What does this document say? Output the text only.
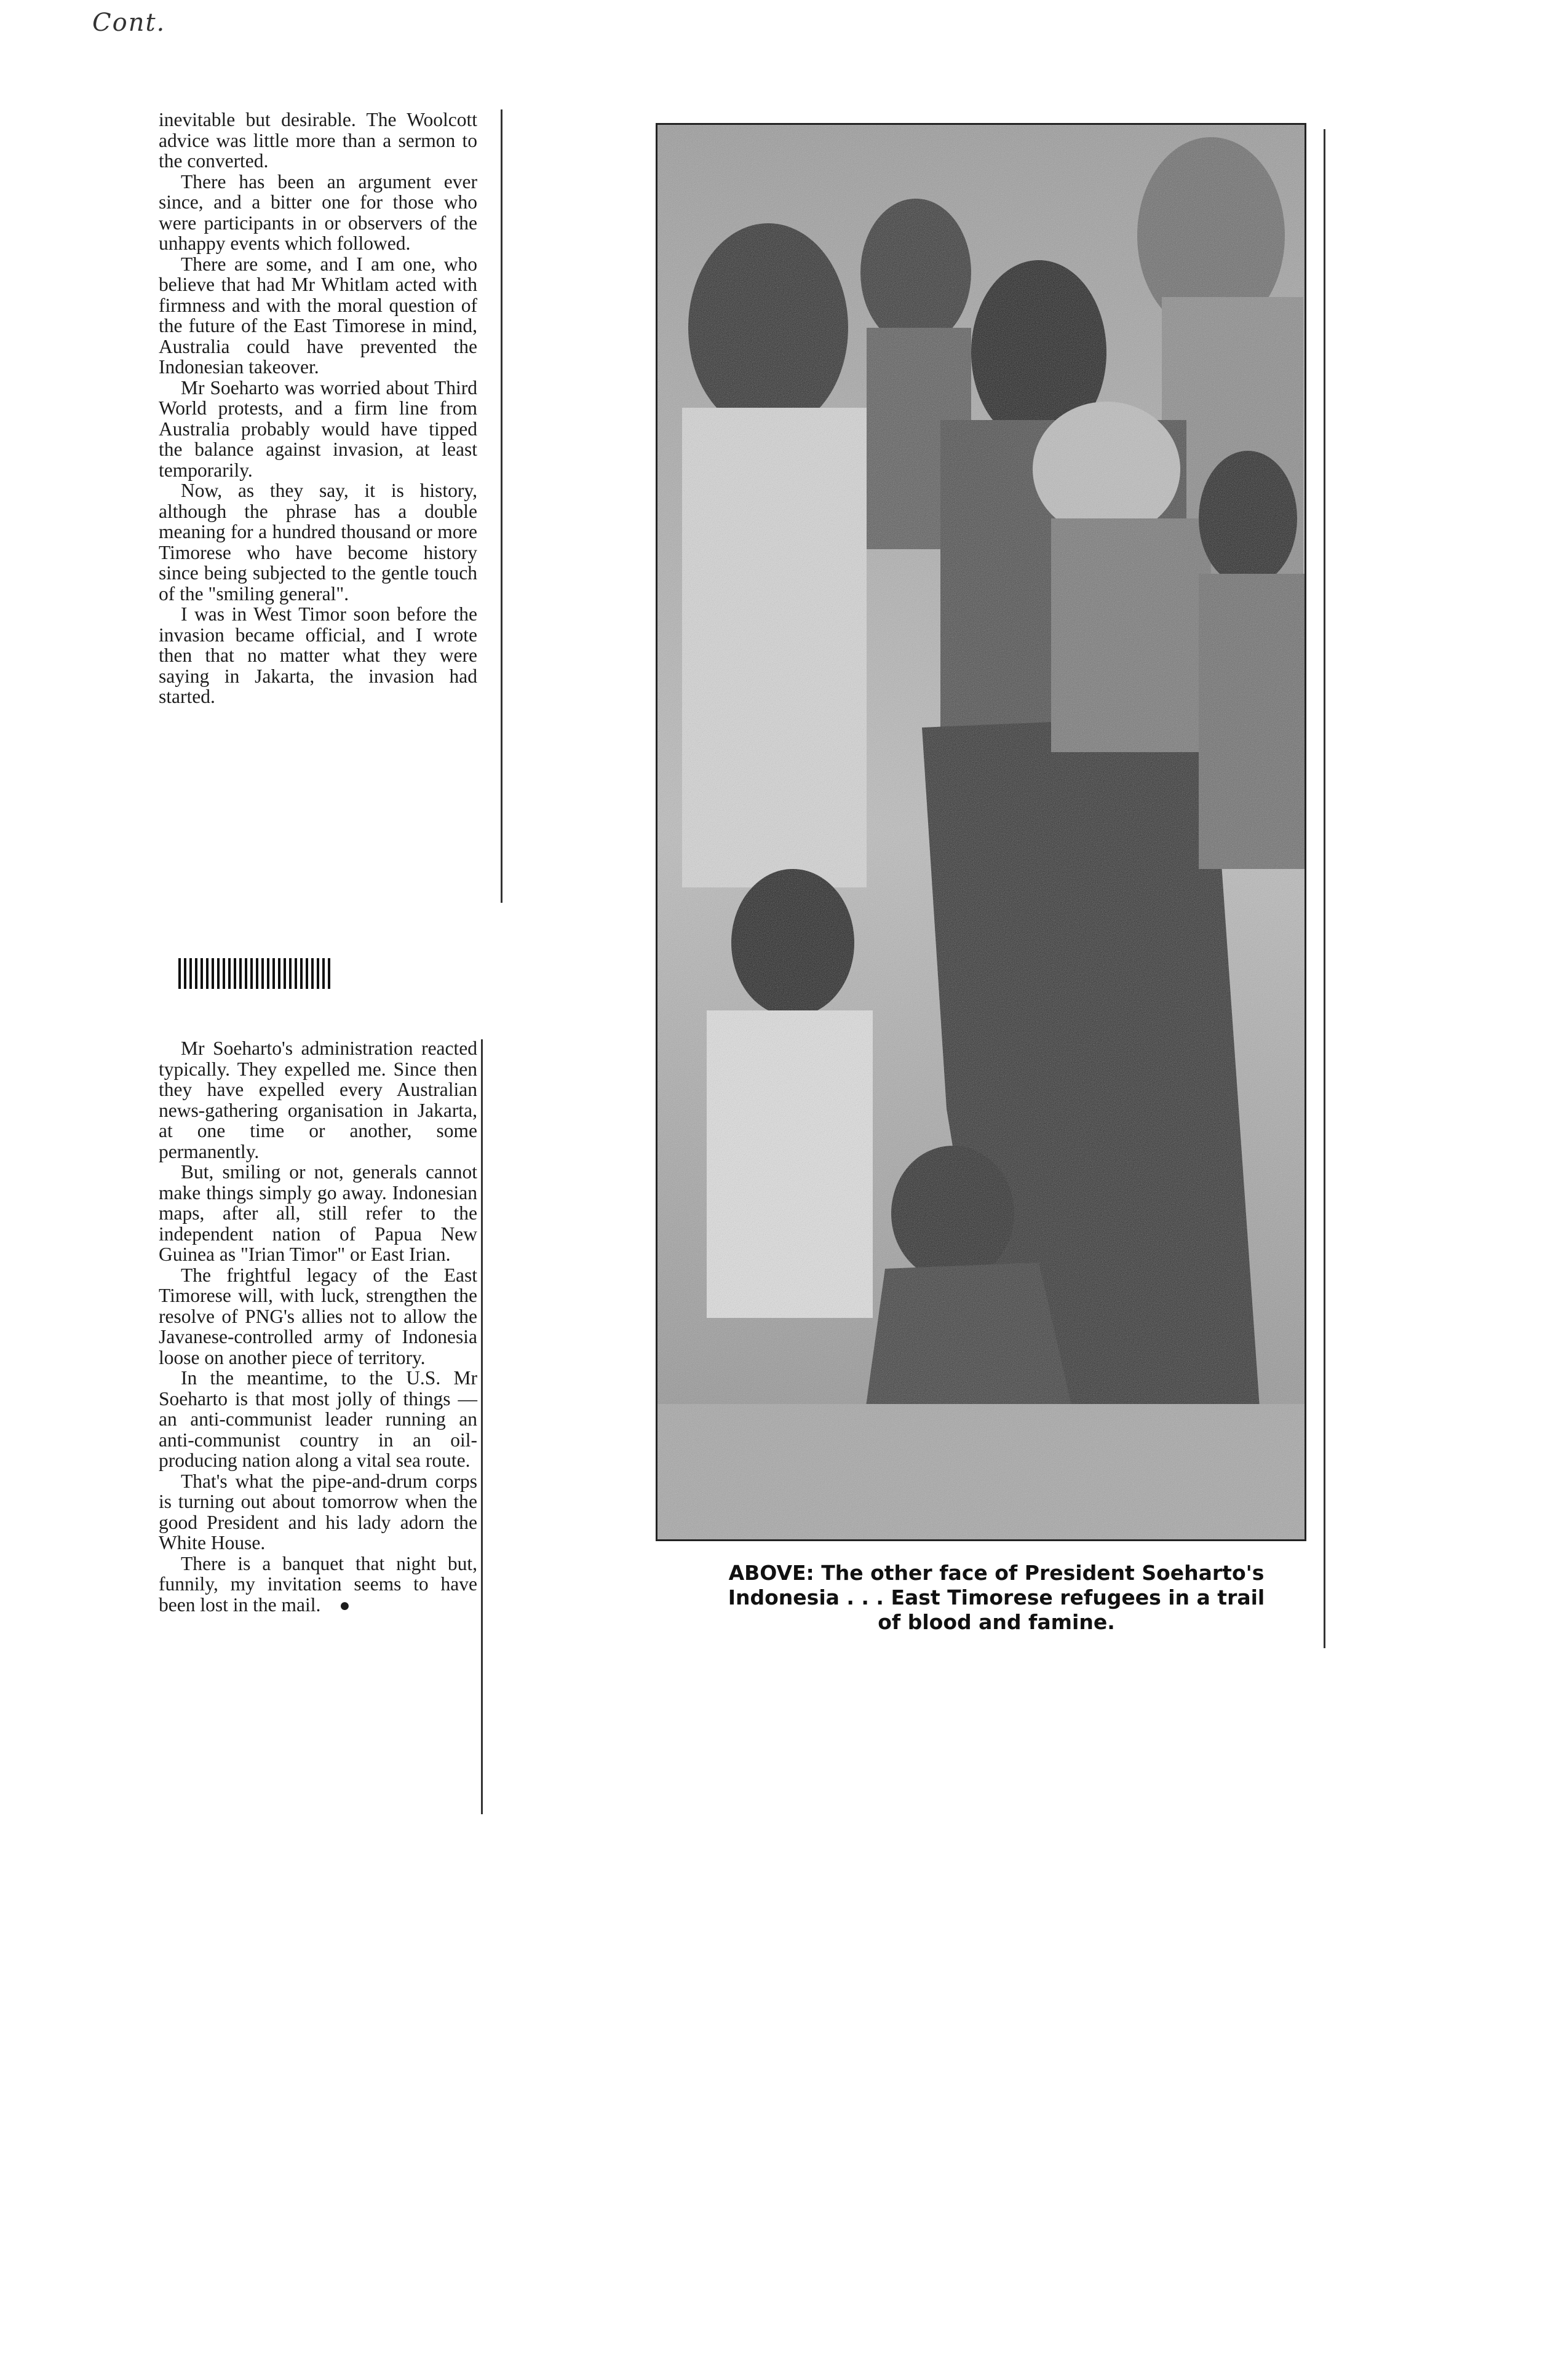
Cont.

inevitable but desirable. The Woolcott advice was little more than a sermon to the converted.

There has been an argument ever since, and a bitter one for those who were participants in or observers of the unhappy events which followed.

There are some, and I am one, who believe that had Mr Whitlam acted with firmness and with the moral question of the future of the East Timorese in mind, Australia could have prevented the Indonesian takeover.

Mr Soeharto was worried about Third World protests, and a firm line from Australia probably would have tipped the balance against invasion, at least temporarily.

Now, as they say, it is history, although the phrase has a double meaning for a hundred thousand or more Timorese who have become history since being subjected to the gentle touch of the "smiling general".

I was in West Timor soon before the invasion became official, and I wrote then that no matter what they were saying in Jakarta, the invasion had started.

Mr Soeharto's administration reacted typically. They expelled me. Since then they have expelled every Australian news-gathering organisation in Jakarta, at one time or another, some permanently.

But, smiling or not, generals cannot make things simply go away. Indonesian maps, after all, still refer to the independent nation of Papua New Guinea as "Irian Timor" or East Irian.

The frightful legacy of the East Timorese will, with luck, strengthen the resolve of PNG's allies not to allow the Javanese-controlled army of Indonesia loose on another piece of territory.

In the meantime, to the U.S. Mr Soeharto is that most jolly of things — an anti-communist leader running an anti-communist country in an oil-producing nation along a vital sea route.

That's what the pipe-and-drum corps is turning out about tomorrow when the good President and his lady adorn the White House.

There is a banquet that night but, funnily, my invitation seems to have been lost in the mail. ●

ABOVE: The other face of President Soeharto's
Indonesia . . . East Timorese refugees in a trail
of blood and famine.
